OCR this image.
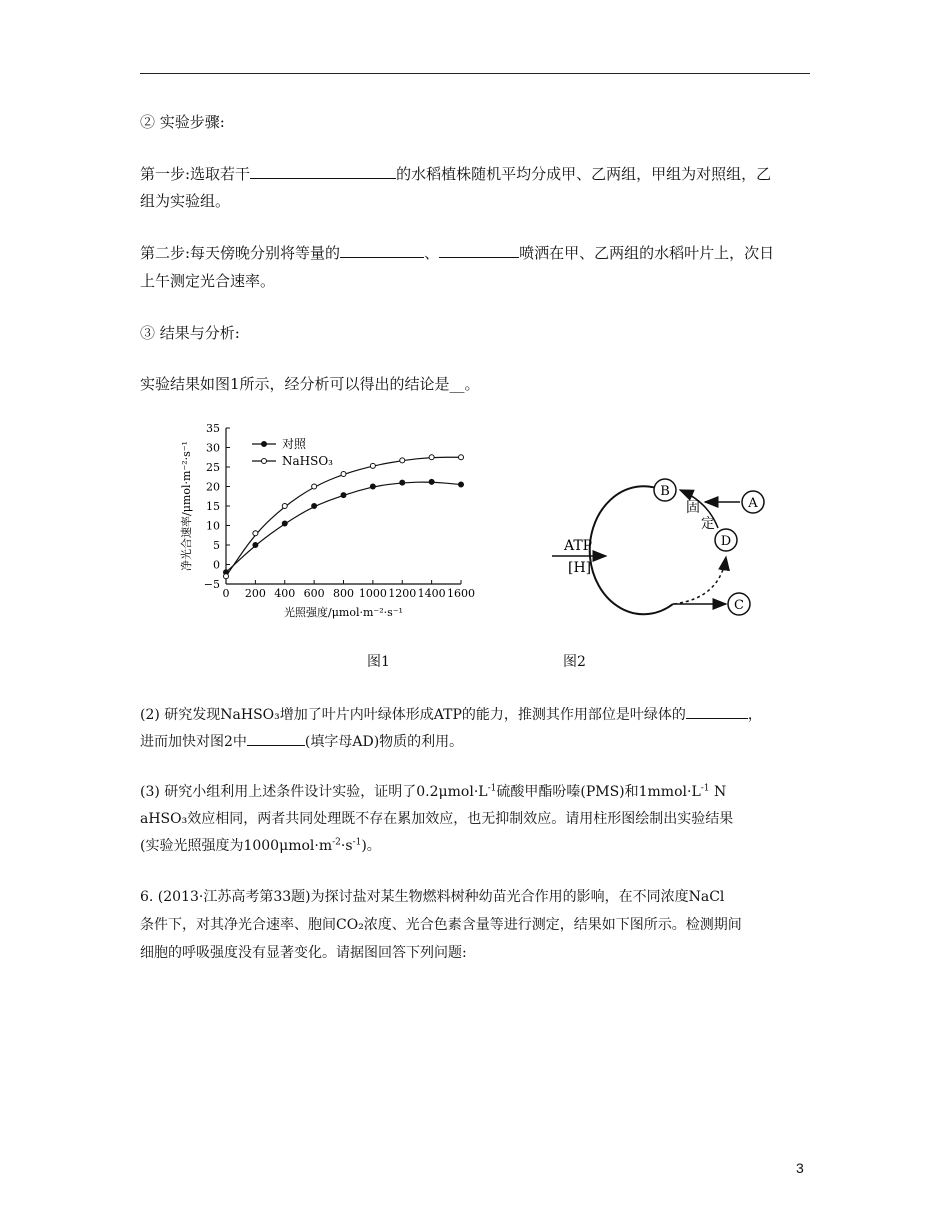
② 实验步骤:
第一步:选取若干	的水稻植株随机平均分成甲、乙两组，甲组为对照组，乙
组为实验组。
第二步:每天傍晚分别将等量的	、	喷洒在甲、乙两组的水稻叶片上，次日
上午测定光合速率。
③ 结果与分析:
实验结果如图1所示，经分析可以得出的结论是__。
−5
0
5
10
15
20
25
30
35
0 200 400 600 800 1000 1200 1400 1600
光照强度/μmol·m⁻²·s⁻¹
净光合速率/μmol·m⁻²·s⁻¹	对照
NaHSO₃
B
A
D
C
固
定
ATP
[H]
图1	图2
(2) 研究发现NaHSO₃增加了叶片内叶绿体形成ATP的能力，推测其作用部位是叶绿体的	，
进而加快对图2中	(填字母AD)物质的利用。
(3) 研究小组利用上述条件设计实验，证明了$0.2\mu mol\cdot L^{-1}$硫酸甲酯吩嗪(PMS)和$1mmol\cdot L^{-1}$ N
aHSO₃效应相同，两者共同处理既不存在累加效应，也无抑制效应。请用柱形图绘制出实验结果
(实验光照强度为$1000\mu mol\cdot m^{-2}\cdot s^{-1}$)。
6. (2013·江苏高考第33题)为探讨盐对某生物燃料树种幼苗光合作用的影响，在不同浓度NaCl
条件下，对其净光合速率、胞间CO₂浓度、光合色素含量等进行测定，结果如下图所示。检测期间
细胞的呼吸强度没有显著变化。请据图回答下列问题:
3
